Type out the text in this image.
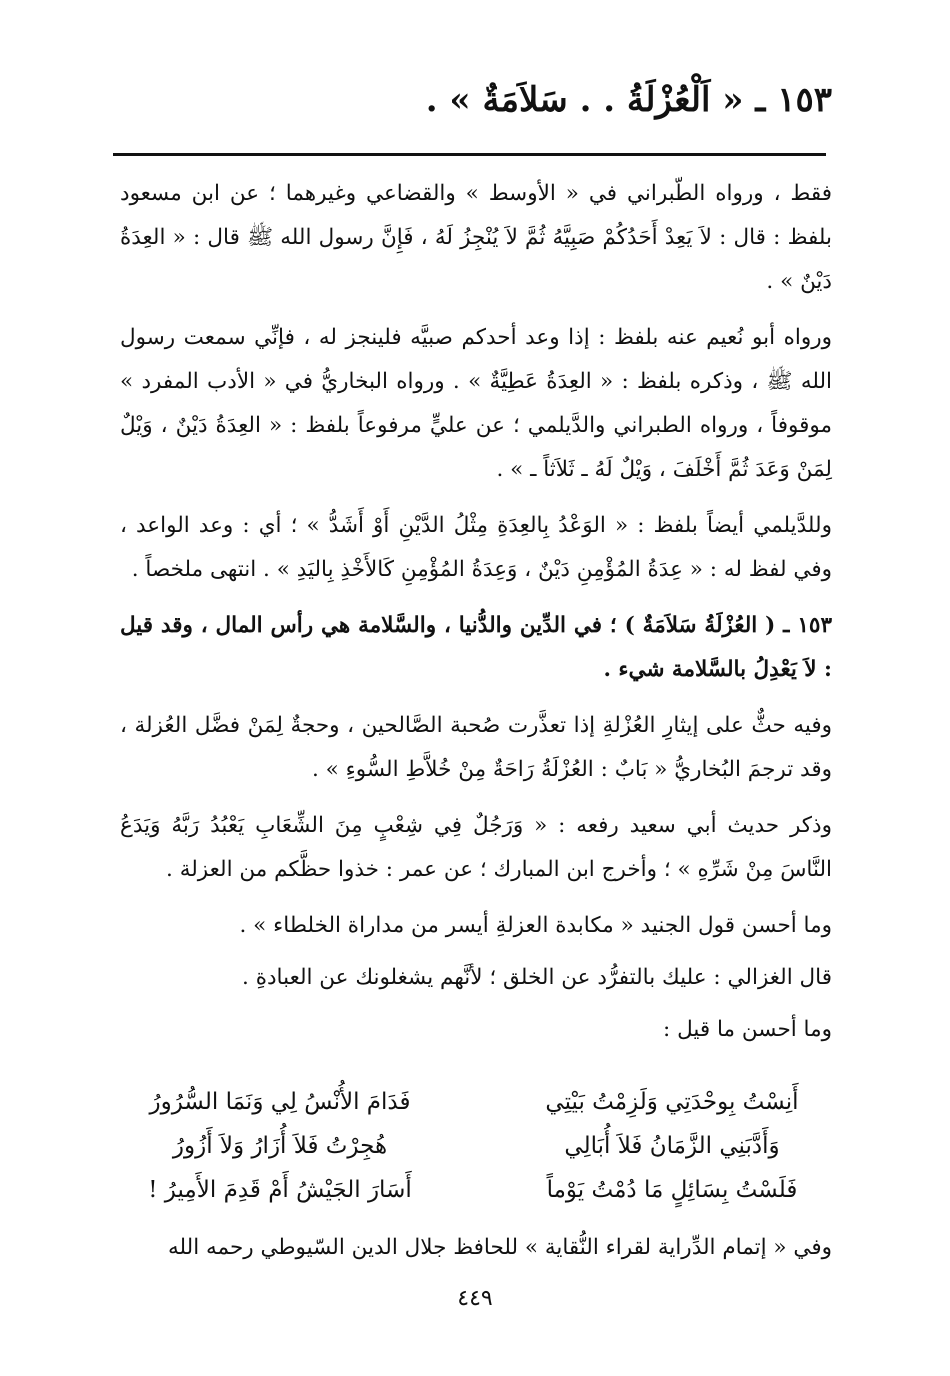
١٥٣ ـ « اَلْعُزْلَةُ . . سَلاَمَةٌ » .

فقط ، ورواه الطّبراني في « الأوسط » والقضاعي وغيرهما ؛ عن ابن مسعود بلفظ : قال : لاَ يَعِدْ أَحَدُكُمْ صَبِيَّهُ ثُمَّ لاَ يُنْجِزُ لَهُ ، فَإِنَّ رسول الله ﷺ قال : « العِدَةُ دَيْنٌ » .

ورواه أبو نُعيم عنه بلفظ : إذا وعد أحدكم صبيَّه فلينجز له ، فإنِّي سمعت رسول الله ﷺ ، وذكره بلفظ : « العِدَةُ عَطِيَّةٌ » . ورواه البخاريُّ في « الأدب المفرد » موقوفاً ، ورواه الطبراني والدَّيلمي ؛ عن عليٍّ مرفوعاً بلفظ : « العِدَةُ دَيْنٌ ، وَيْلٌ لِمَنْ وَعَدَ ثُمَّ أَخْلَفَ ، وَيْلٌ لَهُ ـ ثَلاَثاً ـ » .

وللدَّيلمي أيضاً بلفظ : « الوَعْدُ بِالعِدَةِ مِثْلُ الدَّيْنِ أَوْ أَشَدُّ » ؛ أي : وعد الواعد ، وفي لفظ له : « عِدَةُ المُؤْمِنِ دَيْنٌ ، وَعِدَةُ المُؤْمِنِ كَالأَخْذِ بِاليَدِ » . انتهى ملخصاً .

١٥٣ ـ ( العُزْلَةُ سَلاَمَةٌ ) ؛ في الدِّين والدُّنيا ، والسَّلامة هي رأس المال ، وقد قيل : لاَ يَعْدِلُ بالسَّلامة شيء .

وفيه حثٌّ على إيثارِ العُزْلةِ إذا تعذَّرت صُحبة الصَّالحين ، وحجةٌ لِمَنْ فضَّل العُزلة ، وقد ترجمَ البُخاريُّ « بَابٌ : العُزْلَةُ رَاحَةٌ مِنْ خُلاَّطِ السُّوءِ » .

وذكر حديث أبي سعيد رفعه : « وَرَجُلٌ فِي شِعْبٍ مِنَ الشِّعَابِ يَعْبُدُ رَبَّهُ وَيَدَعُ النَّاسَ مِنْ شَرِّهِ » ؛ وأخرج ابن المبارك ؛ عن عمر : خذوا حظَّكم من العزلة .

وما أحسن قول الجنيد « مكابدة العزلةِ أيسر من مداراة الخلطاء » .

قال الغزالي : عليك بالتفرُّد عن الخلق ؛ لأنَّهم يشغلونك عن العبادةِ .

وما أحسن ما قيل :

أَنِسْتُ بِوحْدَتِي وَلَزِمْتُ بَيْتِي
فَدَامَ الأُنْسُ لِي وَنَمَا السُّرُورُ
وَأَدَّبَنِي الزَّمَانُ فَلاَ أُبَالِي
هُجِرْتُ فَلاَ أُزَارُ وَلاَ أَزُورُ
فَلَسْتُ بِسَائِلٍ مَا دُمْتُ يَوْماً
أَسَارَ الجَيْشُ أَمْ قَدِمَ الأَمِيرُ !
وفي « إتمام الدِّراية لقراء النُّقاية » للحافظ جلال الدين السّيوطي رحمه الله
٤٤٩
